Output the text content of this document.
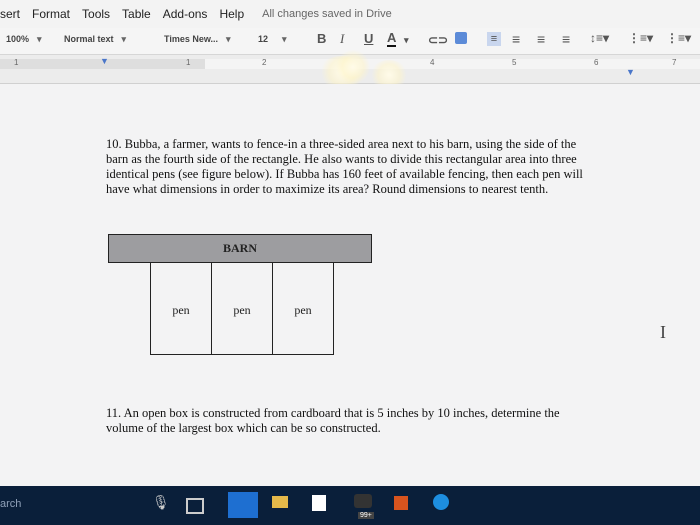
sert Format Tools Table Add-ons Help All changes saved in Drive
100% ▾ Normal text ▾	Times New... ▾	12 ▾ B I U A ▾ ⊂⊃	≡ ≡ ≡ ≡ ↕≡▾ ⋮≡▾ ⋮≡▾
1	1	2	4	5	6	7
▼
▼
10. Bubba, a farmer, wants to fence-in a three-sided area next to his barn, using the side of the
barn as the fourth side of the rectangle. He also wants to divide this rectangular area into three
identical pens (see figure below). If Bubba has 160 feet of available fencing, then each pen will
have what dimensions in order to maximize its area? Round dimensions to nearest tenth.
BARN
pen	pen	pen
11. An open box is constructed from cardboard that is 5 inches by 10 inches, determine the
volume of the largest box which can be so constructed.
I
arch	🎙
99+
